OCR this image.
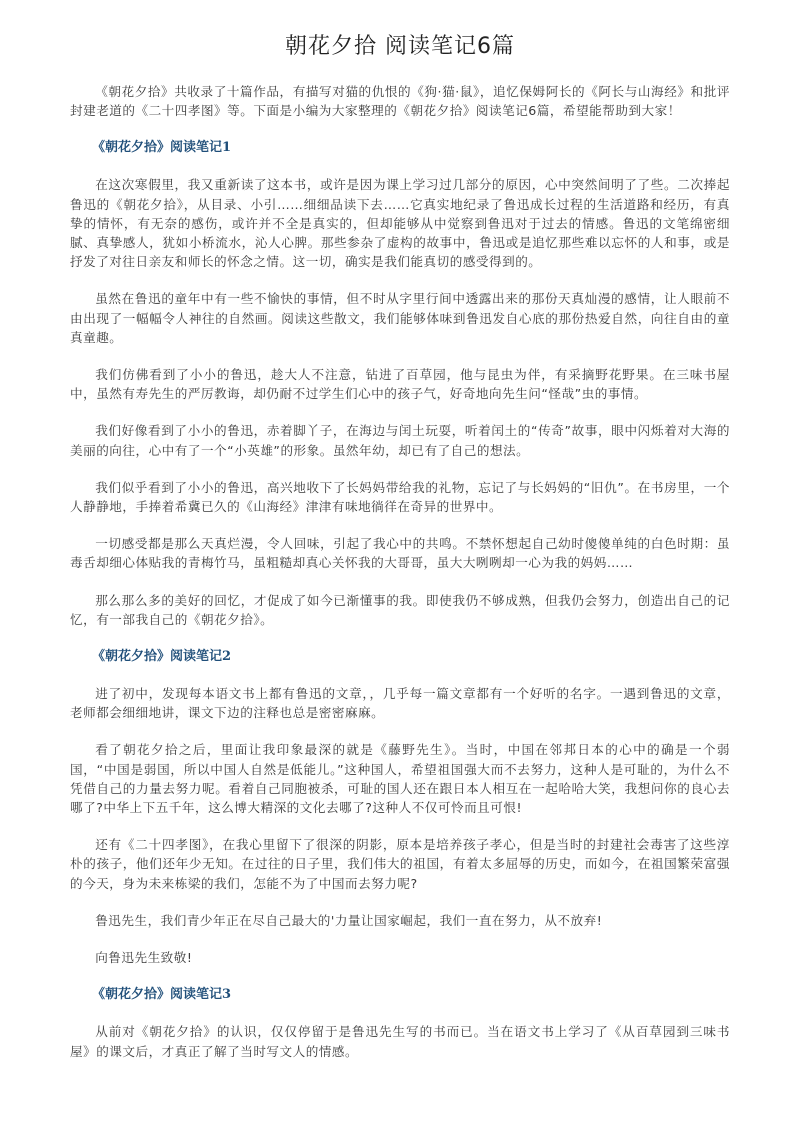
朝花夕拾 阅读笔记6篇

《朝花夕拾》共收录了十篇作品，有描写对猫的仇恨的《狗·猫·鼠》，追忆保姆阿长的《阿长与山海经》和批评封建老道的《二十四孝图》等。下面是小编为大家整理的《朝花夕拾》阅读笔记6篇，希望能帮助到大家！

《朝花夕拾》阅读笔记1

在这次寒假里，我又重新读了这本书，或许是因为课上学习过几部分的原因，心中突然间明了了些。二次捧起鲁迅的《朝花夕拾》，从目录、小引……细细品读下去……它真实地纪录了鲁迅成长过程的生活道路和经历，有真挚的情怀，有无奈的感伤，或许并不全是真实的，但却能够从中觉察到鲁迅对于过去的情感。鲁迅的文笔绵密细腻、真挚感人，犹如小桥流水，沁人心脾。那些参杂了虚构的故事中，鲁迅或是追忆那些难以忘怀的人和事，或是抒发了对往日亲友和师长的怀念之情。这一切，确实是我们能真切的感受得到的。

虽然在鲁迅的童年中有一些不愉快的事情，但不时从字里行间中透露出来的那份天真灿漫的感情，让人眼前不由出现了一幅幅令人神往的自然画。阅读这些散文，我们能够体味到鲁迅发自心底的那份热爱自然，向往自由的童真童趣。

我们仿佛看到了小小的鲁迅，趁大人不注意，钻进了百草园，他与昆虫为伴，有采摘野花野果。在三味书屋中，虽然有寿先生的严厉教诲，却仍耐不过学生们心中的孩子气，好奇地向先生问“怪哉”虫的事情。

我们好像看到了小小的鲁迅，赤着脚丫子，在海边与闰土玩耍，听着闰土的“传奇”故事，眼中闪烁着对大海的美丽的向往，心中有了一个“小英雄”的形象。虽然年幼，却已有了自己的想法。

我们似乎看到了小小的鲁迅，高兴地收下了长妈妈带给我的礼物，忘记了与长妈妈的“旧仇”。在书房里，一个人静静地，手捧着希冀已久的《山海经》津津有味地徜徉在奇异的世界中。

一切感受都是那么天真烂漫，令人回味，引起了我心中的共鸣。不禁怀想起自己幼时傻傻单纯的白色时期：虽毒舌却细心体贴我的青梅竹马，虽粗糙却真心关怀我的大哥哥，虽大大咧咧却一心为我的妈妈……

那么那么多的美好的回忆，才促成了如今已渐懂事的我。即使我仍不够成熟，但我仍会努力，创造出自己的记忆，有一部我自己的《朝花夕拾》。

《朝花夕拾》阅读笔记2

进了初中，发现每本语文书上都有鲁迅的文章，，几乎每一篇文章都有一个好听的名字。一遇到鲁迅的文章，老师都会细细地讲，课文下边的注释也总是密密麻麻。

看了朝花夕拾之后，里面让我印象最深的就是《藤野先生》。当时，中国在邻邦日本的心中的确是一个弱国，“中国是弱国，所以中国人自然是低能儿。”这种国人，希望祖国强大而不去努力，这种人是可耻的，为什么不凭借自己的力量去努力呢。看着自己同胞被杀，可耻的国人还在跟日本人相互在一起哈哈大笑，我想问你的良心去哪了?中华上下五千年，这么博大精深的文化去哪了?这种人不仅可怜而且可恨!

还有《二十四孝图》，在我心里留下了很深的阴影，原本是培养孩子孝心，但是当时的封建社会毒害了这些淳朴的孩子，他们还年少无知。在过往的日子里，我们伟大的祖国，有着太多屈辱的历史，而如今，在祖国繁荣富强的今天，身为未来栋梁的我们，怎能不为了中国而去努力呢?

鲁迅先生，我们青少年正在尽自己最大的'力量让国家崛起，我们一直在努力，从不放弃!

向鲁迅先生致敬!

《朝花夕拾》阅读笔记3

从前对《朝花夕拾》的认识，仅仅停留于是鲁迅先生写的书而已。当在语文书上学习了《从百草园到三味书屋》的课文后，才真正了解了当时写文人的情感。
